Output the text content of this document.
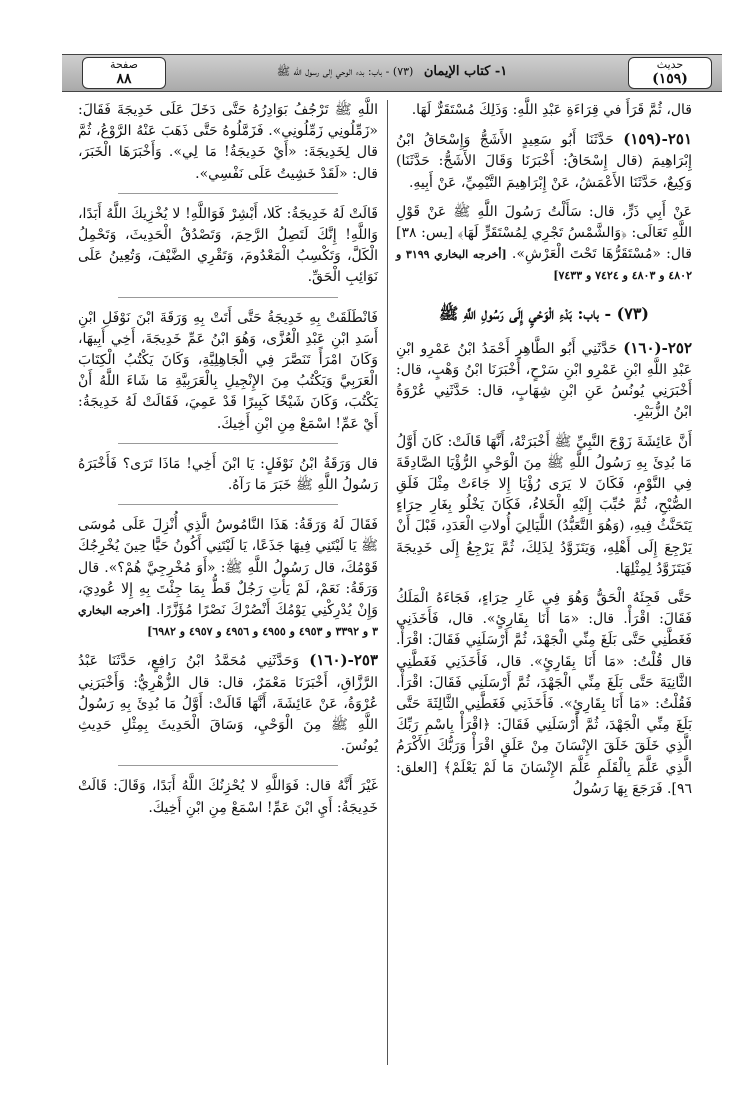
حديث
(١٥٩)
١- كتاب الإيمان (٧٣) - باب: بدء الوحي إلى رسول الله ﷺ
صفحة
٨٨

قال، ثُمَّ قَرَأَ في قِرَاءَةِ عَبْدِ اللَّهِ: وَذَلِكَ مُسْتَقَرٌّ لَهَا.

٢٥١-(١٥٩) حَدَّثَنَا أَبُو سَعِيدٍ الأَشَجُّ وَإِسْحَاقُ ابْنُ إِبْرَاهِيمَ (قال إِسْحَاقُ: أَخْبَرَنَا وَقَالَ الأَشَجُّ: حَدَّثَنَا) وَكِيعٌ، حَدَّثَنَا الأَعْمَشُ، عَنْ إِبْرَاهِيمَ التَّيْمِيِّ، عَنْ أَبِيهِ.

عَنْ أَبِي ذَرٍّ، قال: سَأَلْتُ رَسُولَ اللَّهِ ﷺ عَنْ قَوْلِ اللَّهِ تَعَالَى: ﴿وَالشَّمْسُ تَجْرِي لِمُسْتَقَرٍّ لَهَا﴾ [يس: ٣٨] قال: «مُسْتَقَرُّهَا تَحْتَ الْعَرْشِ». [أخرجه البخاري ٣١٩٩ و ٤٨٠٢ و ٤٨٠٣ و ٧٤٢٤ و ٧٤٣٣]

(٧٣) - باب: بَدْءِ الْوَحْيِ إِلَى رَسُولِ اللَّهِ ﷺ

٢٥٢-(١٦٠) حَدَّثَنِي أَبُو الطَّاهِرِ أَحْمَدُ ابْنُ عَمْرِو ابْنِ عَبْدِ اللَّهِ ابْنِ عَمْرِو ابْنِ سَرْحٍ، أَخْبَرَنَا ابْنُ وَهْبٍ، قال: أَخْبَرَنِي يُونُسُ عَنِ ابْنِ شِهَابٍ، قال: حَدَّثَنِي عُرْوَةُ ابْنُ الزُّبَيْرِ.

أَنَّ عَائِشَةَ زَوْجَ النَّبِيِّ ﷺ أَخْبَرَتْهُ، أَنَّهَا قَالَتْ: كَانَ أَوَّلُ مَا بُدِئَ بِهِ رَسُولُ اللَّهِ ﷺ مِنَ الْوَحْيِ الرُّؤْيَا الصَّادِقَةَ فِي النَّوْمِ، فَكَانَ لا يَرَى رُؤْيَا إِلا جَاءَتْ مِثْلَ فَلَقِ الصُّبْحِ، ثُمَّ حُبِّبَ إِلَيْهِ الْخَلاءُ، فَكَانَ يَخْلُو بِغَارِ حِرَاءٍ يَتَحَنَّثُ فِيهِ، (وَهُوَ التَّعَبُّدُ) اللَّيَالِيَ أُولاتِ الْعَدَدِ، قَبْلَ أَنْ يَرْجِعَ إِلَى أَهْلِهِ، وَيَتَزَوَّدُ لِذَلِكَ، ثُمَّ يَرْجِعُ إِلَى خَدِيجَةَ فَيَتَزَوَّدُ لِمِثْلِهَا.

حَتَّى فَجِئَهُ الْحَقُّ وَهُوَ فِي غَارِ حِرَاءٍ، فَجَاءَهُ الْمَلَكُ فَقَالَ: اقْرَأْ. قال: «مَا أَنَا بِقَارِئٍ». قال، فَأَخَذَنِي فَغَطَّنِي حَتَّى بَلَغَ مِنِّي الْجَهْدَ، ثُمَّ أَرْسَلَنِي فَقَالَ: اقْرَأْ. قال قُلْتُ: «مَا أَنَا بِقَارِئٍ». قال، فَأَخَذَنِي فَغَطَّنِي الثَّانِيَةَ حَتَّى بَلَغَ مِنِّي الْجَهْدَ، ثُمَّ أَرْسَلَنِي فَقَالَ: اقْرَأْ. فَقُلْتُ: «مَا أَنَا بِقَارِئٍ». فَأَخَذَنِي فَغَطَّنِي الثَّالِثَةَ حَتَّى بَلَغَ مِنِّي الْجَهْدَ، ثُمَّ أَرْسَلَنِي فَقَالَ: ﴿اقْرَأْ بِاسْمِ رَبِّكَ الَّذِي خَلَقَ خَلَقَ الإِنْسَانَ مِنْ عَلَقٍ اقْرَأْ وَرَبُّكَ الأَكْرَمُ الَّذِي عَلَّمَ بِالْقَلَمِ عَلَّمَ الإِنْسَانَ مَا لَمْ يَعْلَمْ﴾ [العلق: ٩٦]. فَرَجَعَ بِهَا رَسُولُ

اللَّهِ ﷺ تَرْجُفُ بَوَادِرُهُ حَتَّى دَخَلَ عَلَى خَدِيجَةَ فَقَالَ: «زَمِّلُونِي زَمِّلُونِي». فَزَمَّلُوهُ حَتَّى ذَهَبَ عَنْهُ الرَّوْعُ، ثُمَّ قال لِخَدِيجَةَ: «أَيْ خَدِيجَةُ! مَا لِي». وَأَخْبَرَهَا الْخَبَرَ، قال: «لَقَدْ خَشِيتُ عَلَى نَفْسِي».

قَالَتْ لَهُ خَدِيجَةُ: كَلا، أَبْشِرْ فَوَاللَّهِ! لا يُخْزِيكَ اللَّهُ أَبَدًا، وَاللَّهِ! إِنَّكَ لَتَصِلُ الرَّحِمَ، وَتَصْدُقُ الْحَدِيثَ، وَتَحْمِلُ الْكَلَّ، وَتَكْسِبُ الْمَعْدُومَ، وَتَقْرِي الضَّيْفَ، وَتُعِينُ عَلَى نَوَائِبِ الْحَقِّ.

فَانْطَلَقَتْ بِهِ خَدِيجَةُ حَتَّى أَتَتْ بِهِ وَرَقَةَ ابْنَ نَوْفَلِ ابْنِ أَسَدِ ابْنِ عَبْدِ الْعُزَّى، وَهُوَ ابْنُ عَمِّ خَدِيجَةَ، أَخِي أَبِيهَا، وَكَانَ امْرَأً تَنَصَّرَ فِي الْجَاهِلِيَّةِ، وَكَانَ يَكْتُبُ الْكِتَابَ الْعَرَبِيَّ وَيَكْتُبُ مِنَ الإِنْجِيلِ بِالْعَرَبِيَّةِ مَا شَاءَ اللَّهُ أَنْ يَكْتُبَ، وَكَانَ شَيْخًا كَبِيرًا قَدْ عَمِيَ، فَقَالَتْ لَهُ خَدِيجَةُ: أَيْ عَمِّ! اسْمَعْ مِنِ ابْنِ أَخِيكَ.

قال وَرَقَةُ ابْنُ نَوْفَلٍ: يَا ابْنَ أَخِي! مَاذَا تَرَى؟ فَأَخْبَرَهُ رَسُولُ اللَّهِ ﷺ خَبَرَ مَا رَآهُ.

فَقَالَ لَهُ وَرَقَةُ: هَذَا النَّامُوسُ الَّذِي أُنْزِلَ عَلَى مُوسَى ﷺ يَا لَيْتَنِي فِيهَا جَذَعًا، يَا لَيْتَنِي أَكُونُ حَيًّا حِينَ يُخْرِجُكَ قَوْمُكَ، قال رَسُولُ اللَّهِ ﷺ: «أَوَ مُخْرِجِيَّ هُمْ؟». قال وَرَقَةُ: نَعَمْ، لَمْ يَأْتِ رَجُلٌ قَطُّ بِمَا جِئْتَ بِهِ إِلا عُودِيَ، وَإِنْ يُدْرِكْنِي يَوْمُكَ أَنْصُرْكَ نَصْرًا مُؤَزَّرًا. [أخرجه البخاري ٣ و ٣٣٩٢ و ٤٩٥٣ و ٤٩٥٥ و ٤٩٥٦ و ٤٩٥٧ و ٦٩٨٢]

٢٥٣-(١٦٠) وَحَدَّثَنِي مُحَمَّدُ ابْنُ رَافِعٍ، حَدَّثَنَا عَبْدُ الرَّزَّاقِ، أَخْبَرَنَا مَعْمَرٌ، قال: قال الزُّهْرِيُّ: وَأَخْبَرَنِي عُرْوَةُ، عَنْ عَائِشَةَ، أَنَّهَا قَالَتْ: أَوَّلُ مَا بُدِئَ بِهِ رَسُولُ اللَّهِ ﷺ مِنَ الْوَحْيِ، وَسَاقَ الْحَدِيثَ بِمِثْلِ حَدِيثِ يُونُسَ.

غَيْرَ أَنَّهُ قال: فَوَاللَّهِ لا يُحْزِنُكَ اللَّهُ أَبَدًا، وَقَالَ: قَالَتْ خَدِيجَةُ: أَيِ ابْنَ عَمِّ! اسْمَعْ مِنِ ابْنِ أَخِيكَ.
